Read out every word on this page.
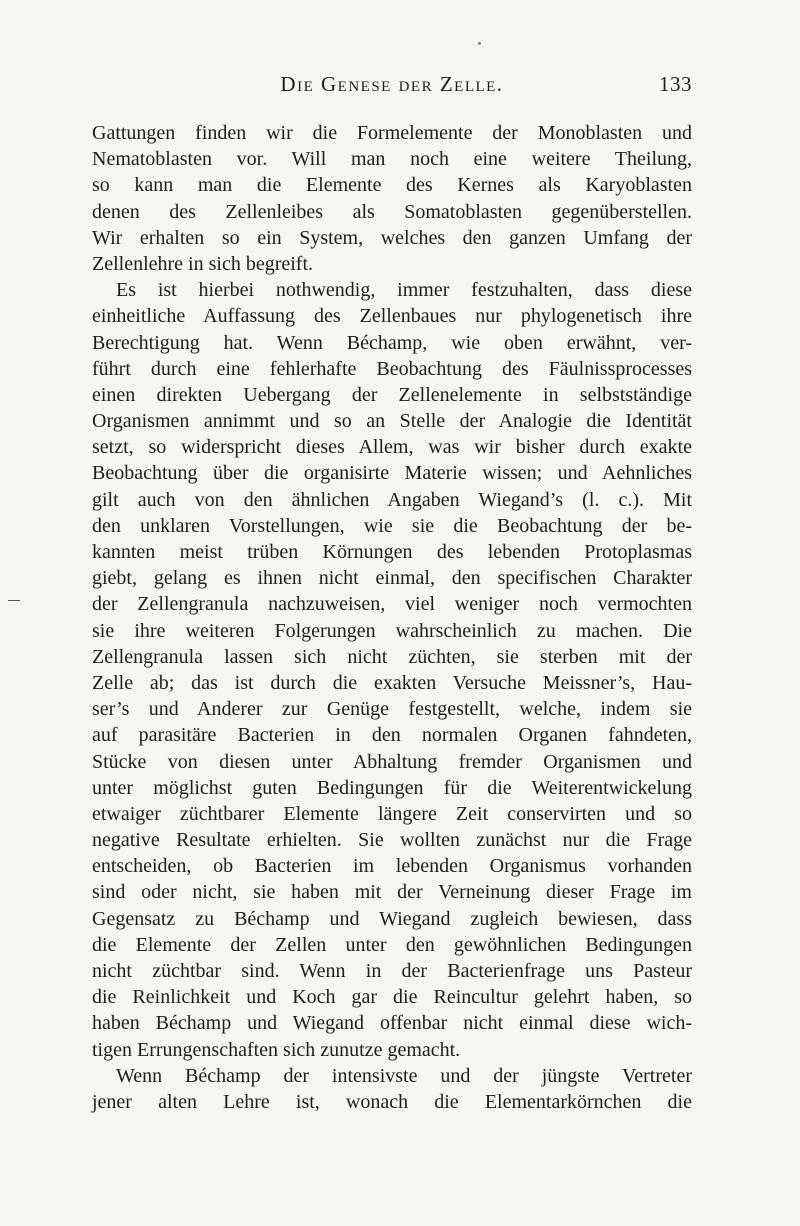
Die Genese der Zelle.	133
Gattungen finden wir die Formelemente der Monoblasten und
Nematoblasten vor. Will man noch eine weitere Theilung,
so kann man die Elemente des Kernes als Karyoblasten
denen des Zellenleibes als Somatoblasten gegenüberstellen.
Wir erhalten so ein System, welches den ganzen Umfang der
Zellenlehre in sich begreift.
Es ist hierbei nothwendig, immer festzuhalten, dass diese
einheitliche Auffassung des Zellenbaues nur phylogenetisch ihre
Berechtigung hat. Wenn Béchamp, wie oben erwähnt, ver-
führt durch eine fehlerhafte Beobachtung des Fäulnissprocesses
einen direkten Uebergang der Zellenelemente in selbstständige
Organismen annimmt und so an Stelle der Analogie die Identität
setzt, so widerspricht dieses Allem, was wir bisher durch exakte
Beobachtung über die organisirte Materie wissen; und Aehnliches
gilt auch von den ähnlichen Angaben Wiegand’s (l. c.). Mit
den unklaren Vorstellungen, wie sie die Beobachtung der be-
kannten meist trüben Körnungen des lebenden Protoplasmas
giebt, gelang es ihnen nicht einmal, den specifischen Charakter
der Zellengranula nachzuweisen, viel weniger noch vermochten
sie ihre weiteren Folgerungen wahrscheinlich zu machen. Die
Zellengranula lassen sich nicht züchten, sie sterben mit der
Zelle ab; das ist durch die exakten Versuche Meissner’s, Hau-
ser’s und Anderer zur Genüge festgestellt, welche, indem sie
auf parasitäre Bacterien in den normalen Organen fahndeten,
Stücke von diesen unter Abhaltung fremder Organismen und
unter möglichst guten Bedingungen für die Weiterentwickelung
etwaiger züchtbarer Elemente längere Zeit conservirten und so
negative Resultate erhielten. Sie wollten zunächst nur die Frage
entscheiden, ob Bacterien im lebenden Organismus vorhanden
sind oder nicht, sie haben mit der Verneinung dieser Frage im
Gegensatz zu Béchamp und Wiegand zugleich bewiesen, dass
die Elemente der Zellen unter den gewöhnlichen Bedingungen
nicht züchtbar sind. Wenn in der Bacterienfrage uns Pasteur
die Reinlichkeit und Koch gar die Reincultur gelehrt haben, so
haben Béchamp und Wiegand offenbar nicht einmal diese wich-
tigen Errungenschaften sich zunutze gemacht.
Wenn Béchamp der intensivste und der jüngste Vertreter
jener alten Lehre ist, wonach die Elementarkörnchen die
